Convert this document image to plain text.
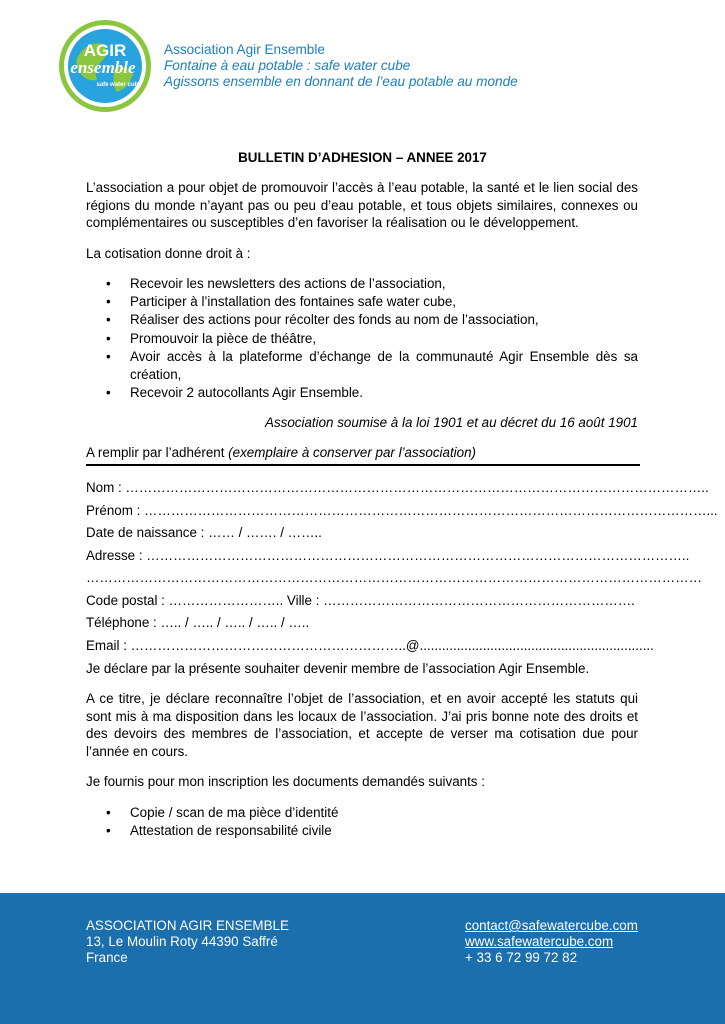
AGIR
ensemble
safe water cube
Association Agir Ensemble
Fontaine à eau potable : safe water cube
Agissons ensemble en donnant de l’eau potable au monde
BULLETIN D’ADHESION – ANNEE 2017
L’association a pour objet de promouvoir l’accès à l’eau potable, la santé et le lien social des régions du monde n’ayant pas ou peu d’eau potable, et tous objets similaires, connexes ou complémentaires ou susceptibles d’en favoriser la réalisation ou le développement.
La cotisation donne droit à :
• Recevoir les newsletters des actions de l’association,
• Participer à l’installation des fontaines safe water cube,
• Réaliser des actions pour récolter des fonds au nom de l’association,
• Promouvoir la pièce de théâtre,
• Avoir accès à la plateforme d’échange de la communauté Agir Ensemble dès sa création,
• Recevoir 2 autocollants Agir Ensemble.
Association soumise à la loi 1901 et au décret du 16 août 1901
A remplir par l’adhérent (exemplaire à conserver par l’association)
Nom : …………………………………………………………………………………………………………………..
Prénom : ………………………………………………………………………………………………………………...
Date de naissance : …… / ……. / ……..
Adresse : …………………………………………………………………………………………………………..
…………………………………………………………………………………………………………………………
Code postal : …………………….. Ville : …………………………………………………………….
Téléphone : ….. / ….. / ….. / ….. / …..
Email : ……………………………………………………..@...............................................................
Je déclare par la présente souhaiter devenir membre de l’association Agir Ensemble.
A ce titre, je déclare reconnaître l’objet de l’association, et en avoir accepté les statuts qui sont mis à ma disposition dans les locaux de l’association. J’ai pris bonne note des droits et des devoirs des membres de l’association, et accepte de verser ma cotisation due pour l’année en cours.
Je fournis pour mon inscription les documents demandés suivants :
• Copie / scan de ma pièce d’identité
• Attestation de responsabilité civile
ASSOCIATION AGIR ENSEMBLE
13, Le Moulin Roty 44390 Saffré
France
contact@safewatercube.com
www.safewatercube.com
+ 33 6 72 99 72 82
